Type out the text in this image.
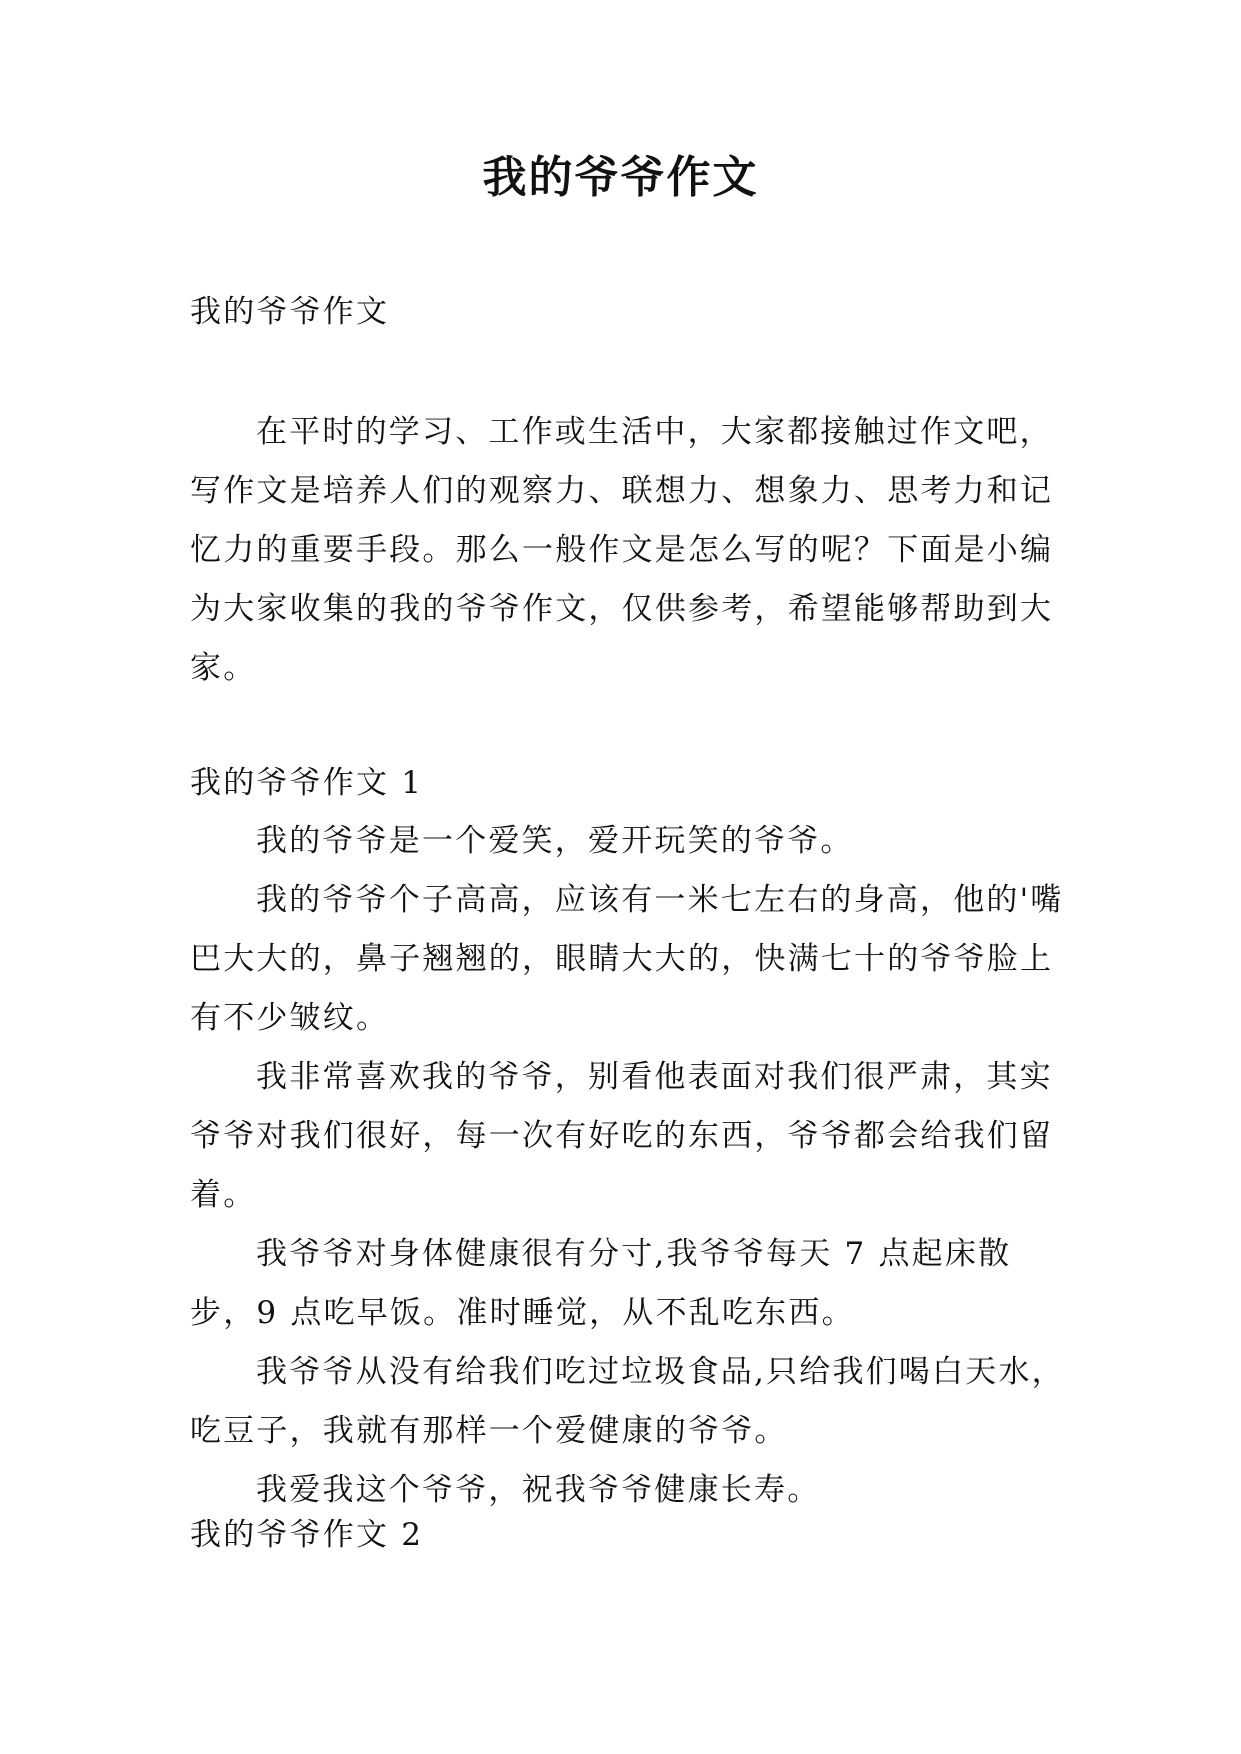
我的爷爷作文

我的爷爷作文

在平时的学习、工作或生活中，大家都接触过作文吧，写作文是培养人们的观察力、联想力、想象力、思考力和记忆力的重要手段。那么一般作文是怎么写的呢？下面是小编为大家收集的我的爷爷作文，仅供参考，希望能够帮助到大家。

我的爷爷作文 1

我的爷爷是一个爱笑，爱开玩笑的爷爷。

我的爷爷个子高高，应该有一米七左右的身高，他的'嘴巴大大的，鼻子翘翘的，眼睛大大的，快满七十的爷爷脸上有不少皱纹。

我非常喜欢我的爷爷，别看他表面对我们很严肃，其实爷爷对我们很好，每一次有好吃的东西，爷爷都会给我们留着。

我爷爷对身体健康很有分寸,我爷爷每天 7 点起床散步，9 点吃早饭。准时睡觉，从不乱吃东西。

我爷爷从没有给我们吃过垃圾食品,只给我们喝白天水，吃豆子，我就有那样一个爱健康的爷爷。

我爱我这个爷爷，祝我爷爷健康长寿。

我的爷爷作文 2
